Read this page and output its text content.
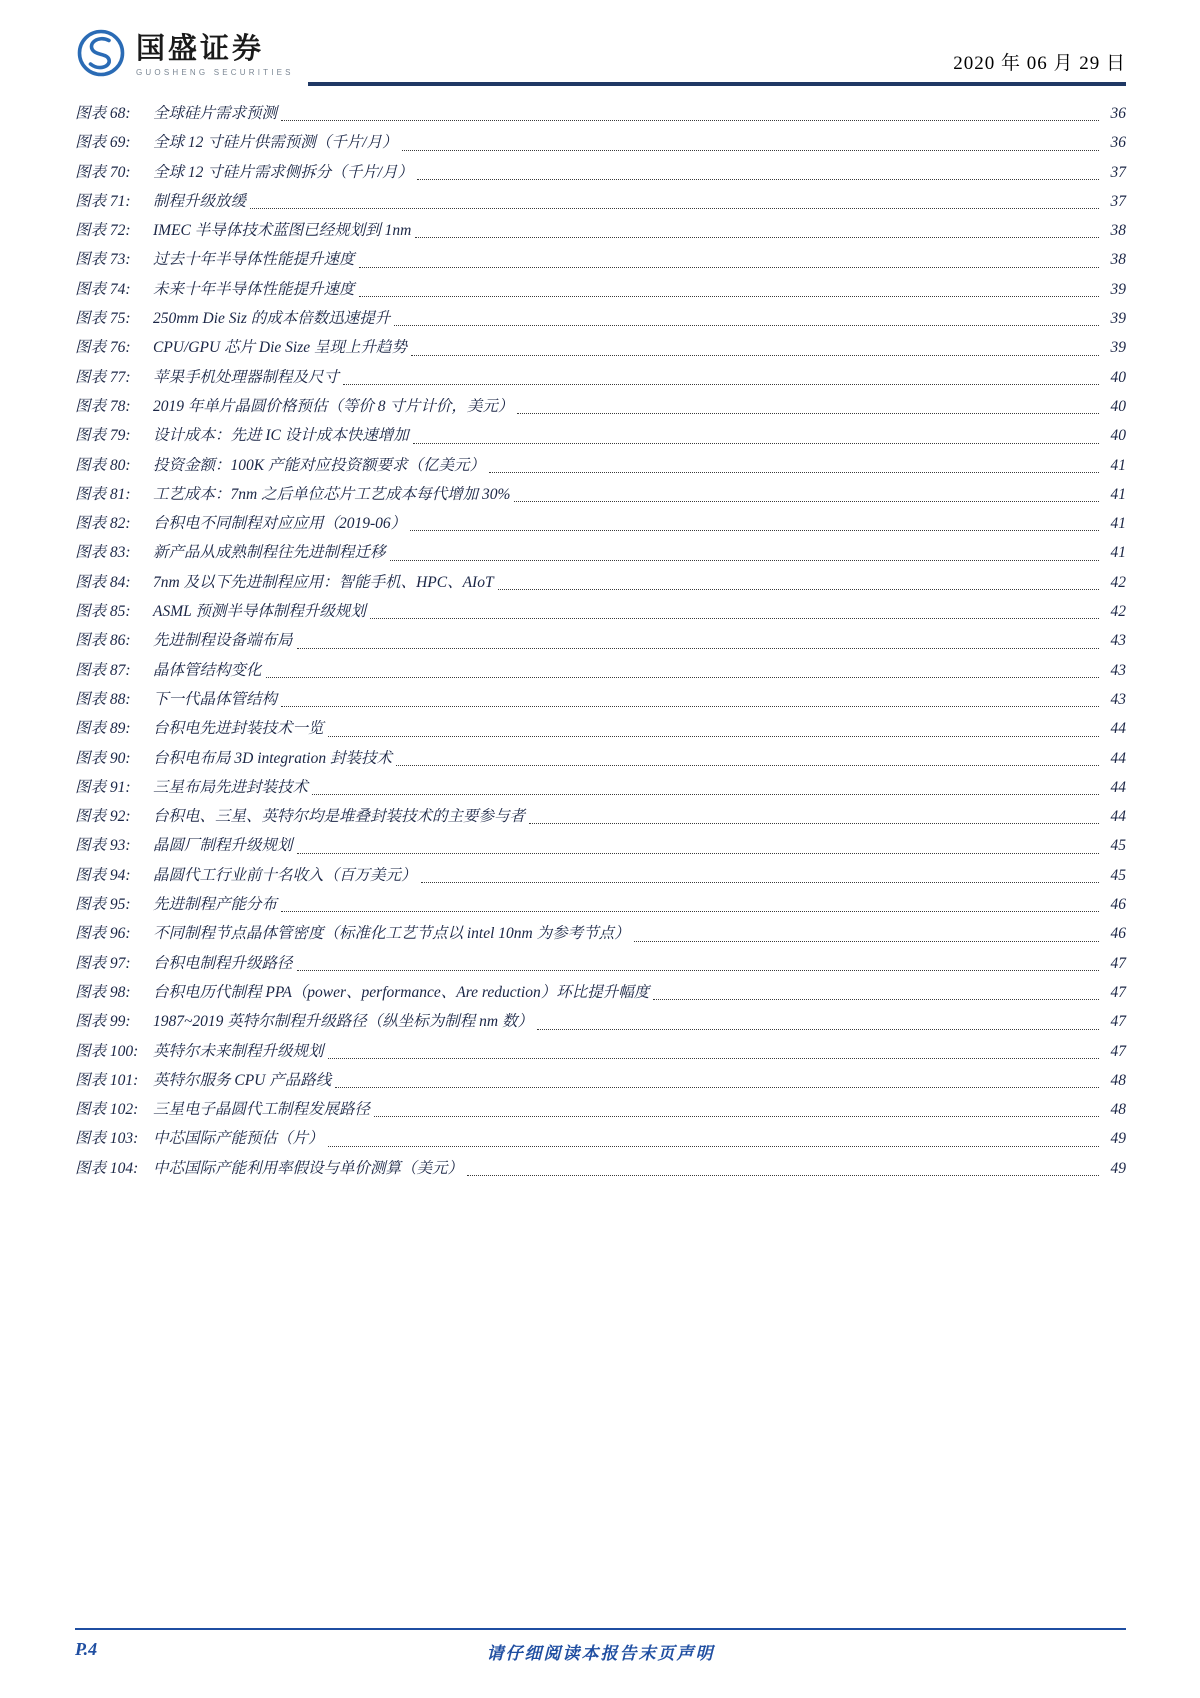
国盛证券
GUOSHENG SECURITIES	2020 年 06 月 29 日
图表 68:	全球硅片需求预测	36
图表 69:	全球 12 寸硅片供需预测（千片/月）	36
图表 70:	全球 12 寸硅片需求侧拆分（千片/月）	37
图表 71:	制程升级放缓	37
图表 72:	IMEC 半导体技术蓝图已经规划到 1nm	38
图表 73:	过去十年半导体性能提升速度	38
图表 74:	未来十年半导体性能提升速度	39
图表 75:	250mm Die Siz 的成本倍数迅速提升	39
图表 76:	CPU/GPU 芯片 Die Size 呈现上升趋势	39
图表 77:	苹果手机处理器制程及尺寸	40
图表 78:	2019 年单片晶圆价格预估（等价 8 寸片计价，美元）	40
图表 79:	设计成本：先进 IC 设计成本快速增加	40
图表 80:	投资金额：100K 产能对应投资额要求（亿美元）	41
图表 81:	工艺成本：7nm 之后单位芯片工艺成本每代增加 30%	41
图表 82:	台积电不同制程对应应用（2019-06）	41
图表 83:	新产品从成熟制程往先进制程迁移	41
图表 84:	7nm 及以下先进制程应用：智能手机、HPC、AIoT	42
图表 85:	ASML 预测半导体制程升级规划	42
图表 86:	先进制程设备端布局	43
图表 87:	晶体管结构变化	43
图表 88:	下一代晶体管结构	43
图表 89:	台积电先进封装技术一览	44
图表 90:	台积电布局 3D integration 封装技术	44
图表 91:	三星布局先进封装技术	44
图表 92:	台积电、三星、英特尔均是堆叠封装技术的主要参与者	44
图表 93:	晶圆厂制程升级规划	45
图表 94:	晶圆代工行业前十名收入（百万美元）	45
图表 95:	先进制程产能分布	46
图表 96:	不同制程节点晶体管密度（标准化工艺节点以 intel 10nm 为参考节点）	46
图表 97:	台积电制程升级路径	47
图表 98:	台积电历代制程 PPA（power、performance、Are reduction）环比提升幅度	47
图表 99:	1987~2019 英特尔制程升级路径（纵坐标为制程 nm 数）	47
图表 100: 英特尔未来制程升级规划	47
图表 101: 英特尔服务 CPU 产品路线	48
图表 102: 三星电子晶圆代工制程发展路径	48
图表 103: 中芯国际产能预估（片）	49
图表 104: 中芯国际产能利用率假设与单价测算（美元）	49
P.4	请仔细阅读本报告末页声明
